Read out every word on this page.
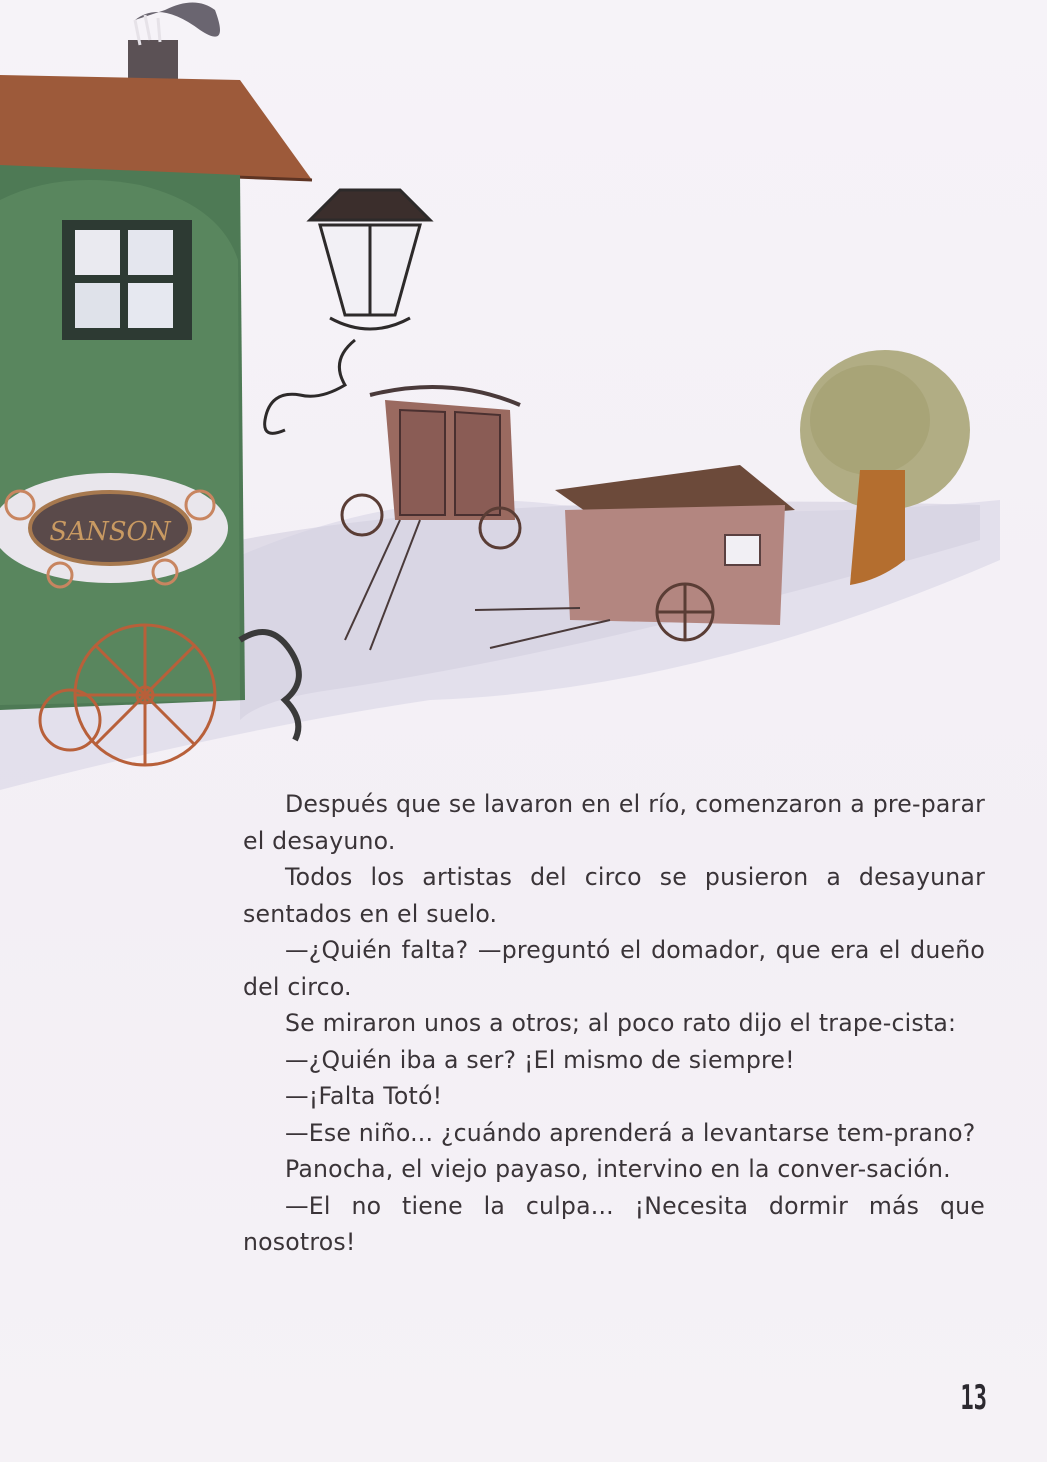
SANSON

Después que se lavaron en el río, comenzaron a pre-parar el desayuno.

Todos los artistas del circo se pusieron a desayunar sentados en el suelo.

—¿Quién falta? —preguntó el domador, que era el dueño del circo.

Se miraron unos a otros; al poco rato dijo el trape-cista:

—¿Quién iba a ser? ¡El mismo de siempre!

—¡Falta Totó!

—Ese niño... ¿cuándo aprenderá a levantarse tem-prano?

Panocha, el viejo payaso, intervino en la conver-sación.

—El no tiene la culpa... ¡Necesita dormir más que nosotros!

13
